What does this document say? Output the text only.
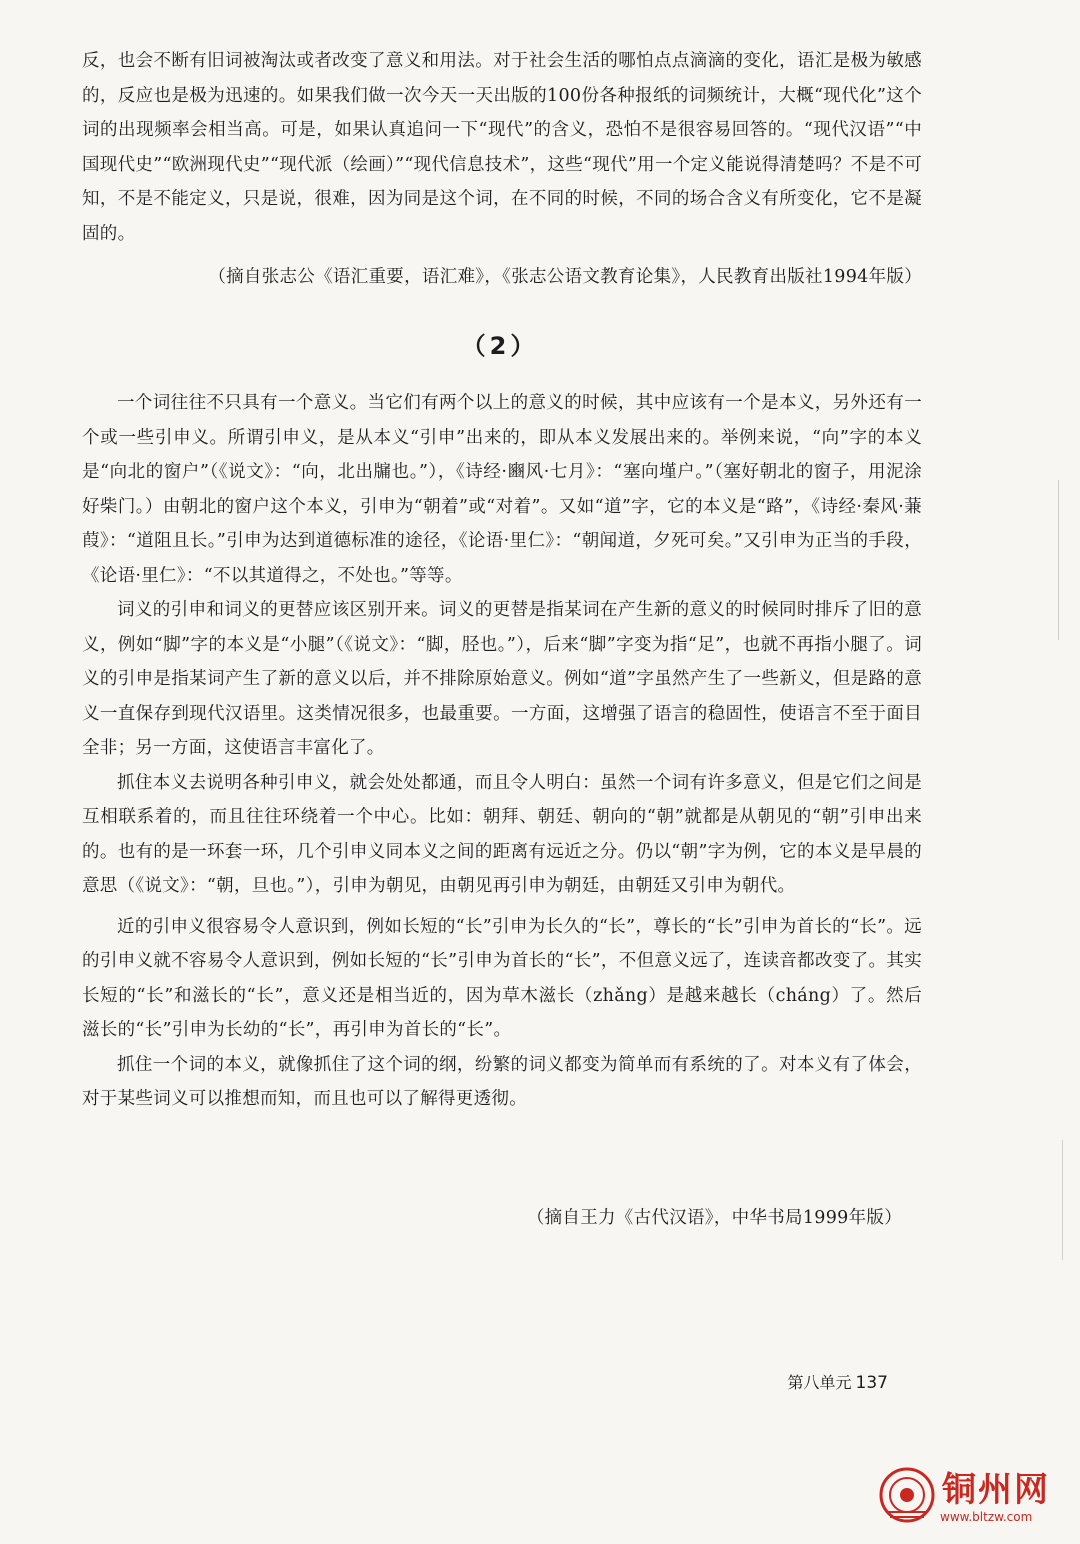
反，也会不断有旧词被淘汰或者改变了意义和用法。对于社会生活的哪怕点点滴滴的变化，语汇是极为敏感的，反应也是极为迅速的。如果我们做一次今天一天出版的100份各种报纸的词频统计，大概“现代化”这个词的出现频率会相当高。可是，如果认真追问一下“现代”的含义，恐怕不是很容易回答的。“现代汉语”“中国现代史”“欧洲现代史”“现代派（绘画）”“现代信息技术”，这些“现代”用一个定义能说得清楚吗？不是不可知，不是不能定义，只是说，很难，因为同是这个词，在不同的时候，不同的场合含义有所变化，它不是凝固的。

（摘自张志公《语汇重要，语汇难》，《张志公语文教育论集》，人民教育出版社1994年版）
（2）

一个词往往不只具有一个意义。当它们有两个以上的意义的时候，其中应该有一个是本义，另外还有一个或一些引申义。所谓引申义，是从本义“引申”出来的，即从本义发展出来的。举例来说，“向”字的本义是“向北的窗户”（《说文》：“向，北出牖也。”），《诗经·豳风·七月》：“塞向墐户。”（塞好朝北的窗子，用泥涂好柴门。）由朝北的窗户这个本义，引申为“朝着”或“对着”。又如“道”字，它的本义是“路”，《诗经·秦风·蒹葭》：“道阻且长。”引申为达到道德标准的途径，《论语·里仁》：“朝闻道，夕死可矣。”又引申为正当的手段，《论语·里仁》：“不以其道得之，不处也。”等等。

词义的引申和词义的更替应该区别开来。词义的更替是指某词在产生新的意义的时候同时排斥了旧的意义，例如“脚”字的本义是“小腿”（《说文》：“脚，胫也。”），后来“脚”字变为指“足”，也就不再指小腿了。词义的引申是指某词产生了新的意义以后，并不排除原始意义。例如“道”字虽然产生了一些新义，但是路的意义一直保存到现代汉语里。这类情况很多，也最重要。一方面，这增强了语言的稳固性，使语言不至于面目全非；另一方面，这使语言丰富化了。

抓住本义去说明各种引申义，就会处处都通，而且令人明白：虽然一个词有许多意义，但是它们之间是互相联系着的，而且往往环绕着一个中心。比如：朝拜、朝廷、朝向的“朝”就都是从朝见的“朝”引申出来的。也有的是一环套一环，几个引申义同本义之间的距离有远近之分。仍以“朝”字为例，它的本义是早晨的意思（《说文》：“朝，旦也。”），引申为朝见，由朝见再引申为朝廷，由朝廷又引申为朝代。

近的引申义很容易令人意识到，例如长短的“长”引申为长久的“长”，尊长的“长”引申为首长的“长”。远的引申义就不容易令人意识到，例如长短的“长”引申为首长的“长”，不但意义远了，连读音都改变了。其实长短的“长”和滋长的“长”，意义还是相当近的，因为草木滋长（zhǎng）是越来越长（cháng）了。然后滋长的“长”引申为长幼的“长”，再引申为首长的“长”。

抓住一个词的本义，就像抓住了这个词的纲，纷繁的词义都变为简单而有系统的了。对本义有了体会，对于某些词义可以推想而知，而且也可以了解得更透彻。

（摘自王力《古代汉语》，中华书局1999年版）
第八单元 137
铜州网
www.bltzw.com
